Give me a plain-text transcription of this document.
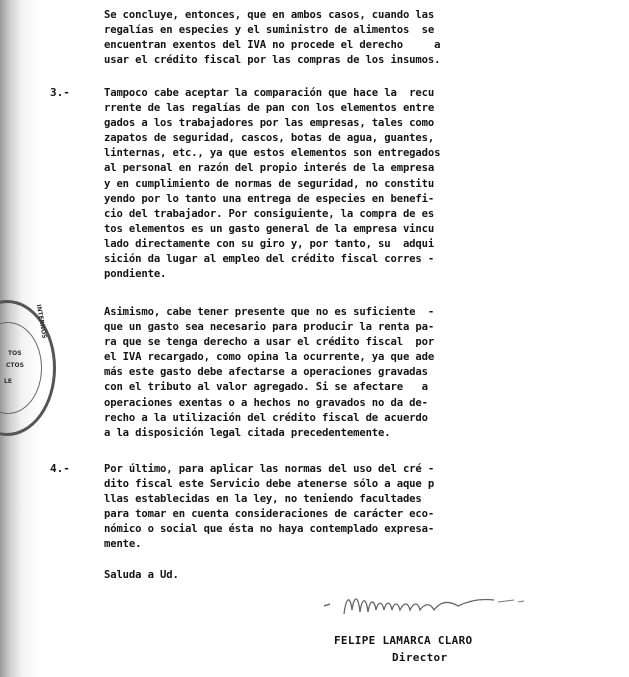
INTERNOS
TOS
CTOS
LE

Se concluye, entonces, que en ambos casos, cuando las
regalías en especies y el suministro de alimentos  se
encuentran exentos del IVA no procede el derecho     a
usar el crédito fiscal por las compras de los insumos.

3.-	Tampoco cabe aceptar la comparación que hace la  recu
rrente de las regalías de pan con los elementos entre
gados a los trabajadores por las empresas, tales como
zapatos de seguridad, cascos, botas de agua, guantes,
linternas, etc., ya que estos elementos son entregados
al personal en razón del propio interés de la empresa
y en cumplimiento de normas de seguridad, no constitu
yendo por lo tanto una entrega de especies en benefi-
cio del trabajador. Por consiguiente, la compra de es
tos elementos es un gasto general de la empresa vincu
lado directamente con su giro y, por tanto, su  adqui
sición da lugar al empleo del crédito fiscal corres -
pondiente.

Asimismo, cabe tener presente que no es suficiente  -
que un gasto sea necesario para producir la renta pa-
ra que se tenga derecho a usar el crédito fiscal  por
el IVA recargado, como opina la ocurrente, ya que ade
más este gasto debe afectarse a operaciones gravadas
con el tributo al valor agregado. Si se afectare   a
operaciones exentas o a hechos no gravados no da de-
recho a la utilización del crédito fiscal de acuerdo
a la disposición legal citada precedentemente.

4.-	Por último, para aplicar las normas del uso del cré -
dito fiscal este Servicio debe atenerse sólo a aque p
llas establecidas en la ley, no teniendo facultades
para tomar en cuenta consideraciones de carácter eco-
nómico o social que ésta no haya contemplado expresa-
mente.

Saluda a Ud.

FELIPE LAMARCA CLARO
Director
